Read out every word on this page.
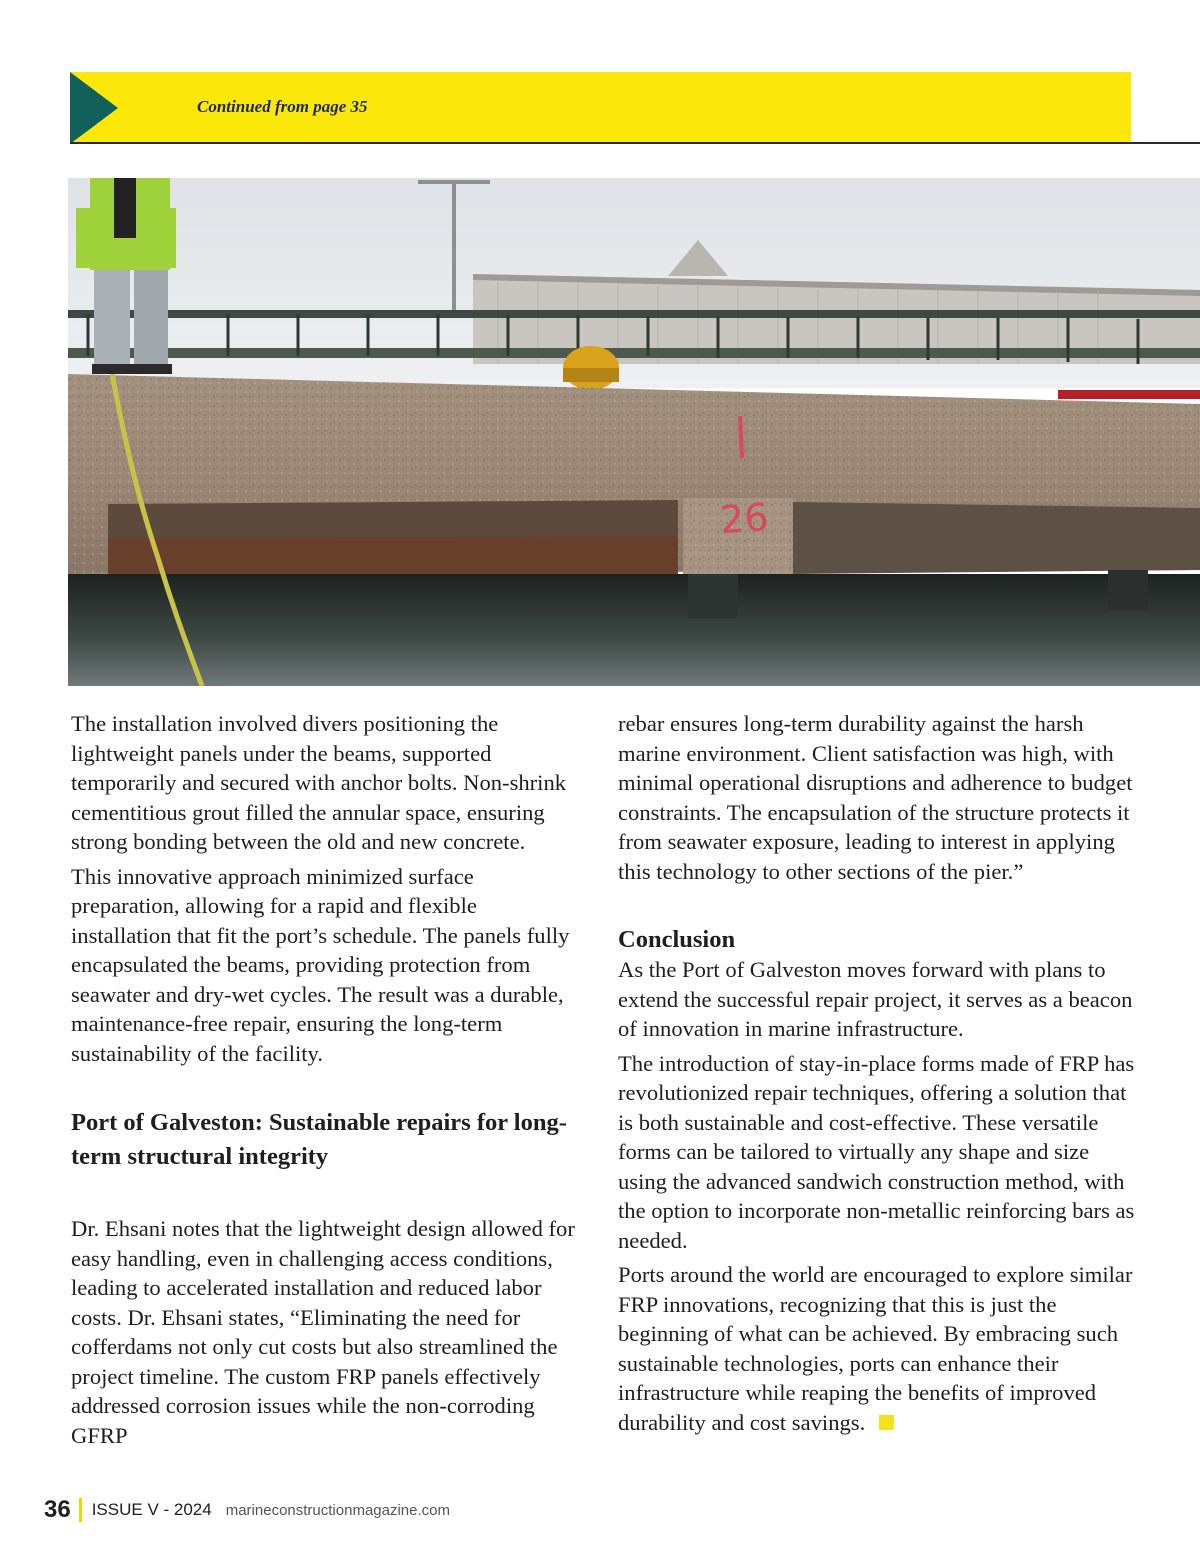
Continued from page 35
26

The installation involved divers positioning the lightweight panels under the beams, supported temporarily and secured with anchor bolts. Non-shrink cementitious grout filled the annular space, ensuring strong bonding between the old and new concrete.

This innovative approach minimized surface preparation, allowing for a rapid and flexible installation that fit the port’s schedule. The panels fully encapsulated the beams, providing protection from seawater and dry-wet cycles. The result was a durable, maintenance-free repair, ensuring the long-term sustainability of the facility.

Port of Galveston: Sustainable repairs for long-term structural integrity

Dr. Ehsani notes that the lightweight design allowed for easy handling, even in challenging access conditions, leading to accelerated installation and reduced labor costs. Dr. Ehsani states, “Eliminating the need for cofferdams not only cut costs but also streamlined the project timeline. The custom FRP panels effectively addressed corrosion issues while the non-corroding GFRP

rebar ensures long-term durability against the harsh marine environment. Client satisfaction was high, with minimal operational disruptions and adherence to budget constraints. The encapsulation of the structure protects it from seawater exposure, leading to interest in applying this technology to other sections of the pier.”

Conclusion

As the Port of Galveston moves forward with plans to extend the successful repair project, it serves as a beacon of innovation in marine infrastructure.

The introduction of stay-in-place forms made of FRP has revolutionized repair techniques, offering a solution that is both sustainable and cost-effective. These versatile forms can be tailored to virtually any shape and size using the advanced sandwich construction method, with the option to incorporate non-metallic reinforcing bars as needed.

Ports around the world are encouraged to explore similar FRP innovations, recognizing that this is just the beginning of what can be achieved. By embracing such sustainable technologies, ports can enhance their infrastructure while reaping the benefits of improved durability and cost savings.

36 ISSUE V - 2024 marineconstructionmagazine.com
